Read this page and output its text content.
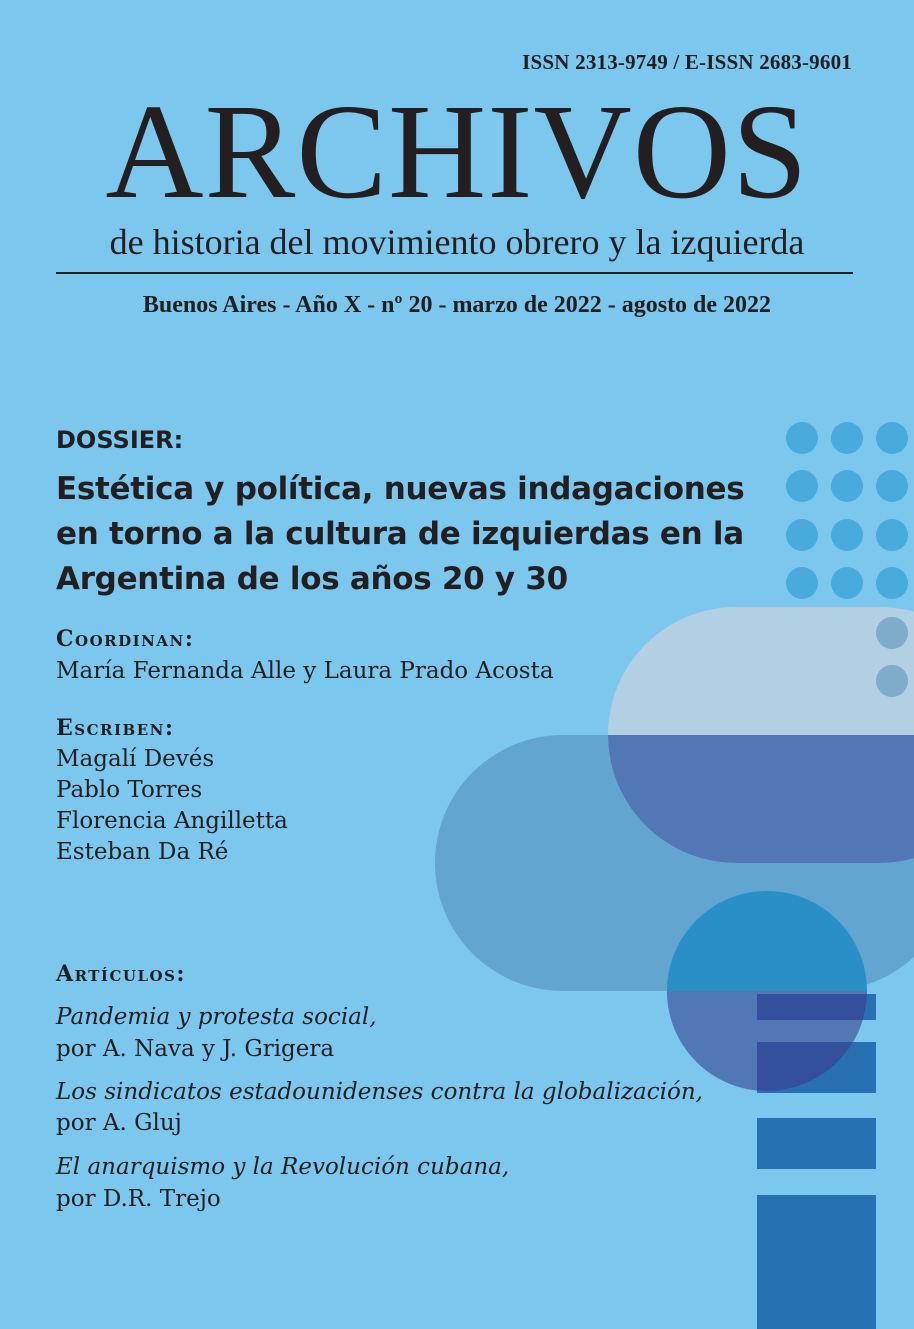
ISSN 2313-9749 / E-ISSN 2683-9601
ARCHIVOS
de historia del movimiento obrero y la izquierda
Buenos Aires - Año X - nº 20 - marzo de 2022 - agosto de 2022
DOSSIER:
Estética y política, nuevas indagaciones
en torno a la cultura de izquierdas en la
Argentina de los años 20 y 30
Coordinan:
María Fernanda Alle y Laura Prado Acosta
Escriben:
Magalí Devés
Pablo Torres
Florencia Angilletta
Esteban Da Ré
Artículos:
Pandemia y protesta social,
por A. Nava y J. Grigera
Los sindicatos estadounidenses contra la globalización,
por A. Gluj
El anarquismo y la Revolución cubana,
por D.R. Trejo
